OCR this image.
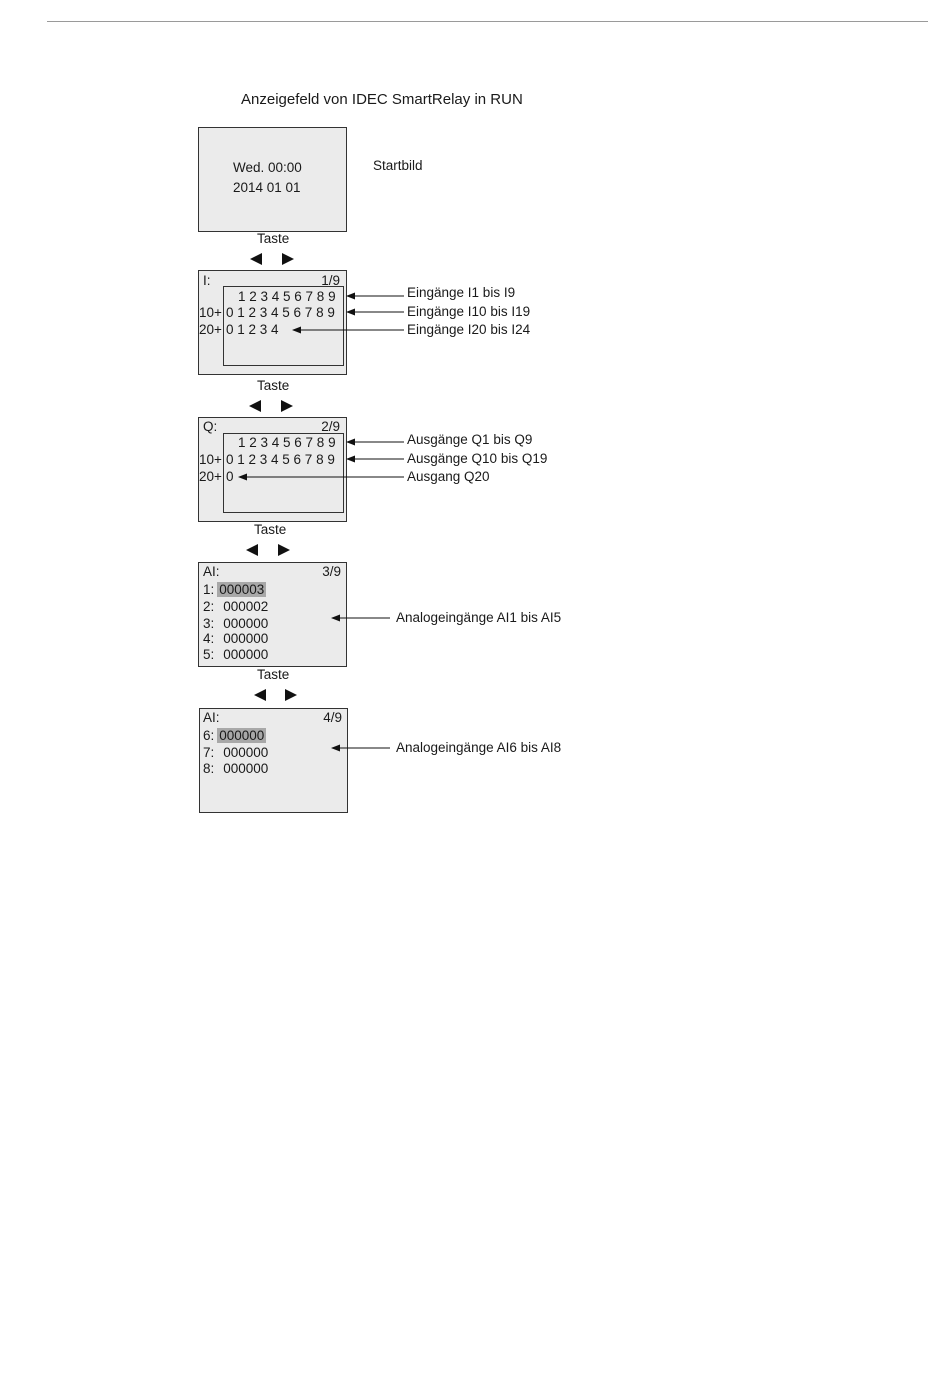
Anzeigefeld von IDEC SmartRelay in RUN
Wed. 00:00
2014 01 01
Startbild
Taste
I:	1/9
1 2 3 4 5 6 7 8 9
10+ 0 1 2 3 4 5 6 7 8 9
20+ 0 1 2 3 4
Eingänge I1 bis I9
Eingänge I10 bis I19
Eingänge I20 bis I24
Taste
Q:	2/9
1 2 3 4 5 6 7 8 9
10+ 0 1 2 3 4 5 6 7 8 9
20+ 0
Ausgänge Q1 bis Q9
Ausgänge Q10 bis Q19
Ausgang Q20
Taste
AI:	3/9
1: 000003
2: 000002
3: 000000
4: 000000
5: 000000
Analogeingänge AI1 bis AI5
Taste
AI:	4/9
6: 000000
7: 000000
8: 000000
Analogeingänge AI6 bis AI8
